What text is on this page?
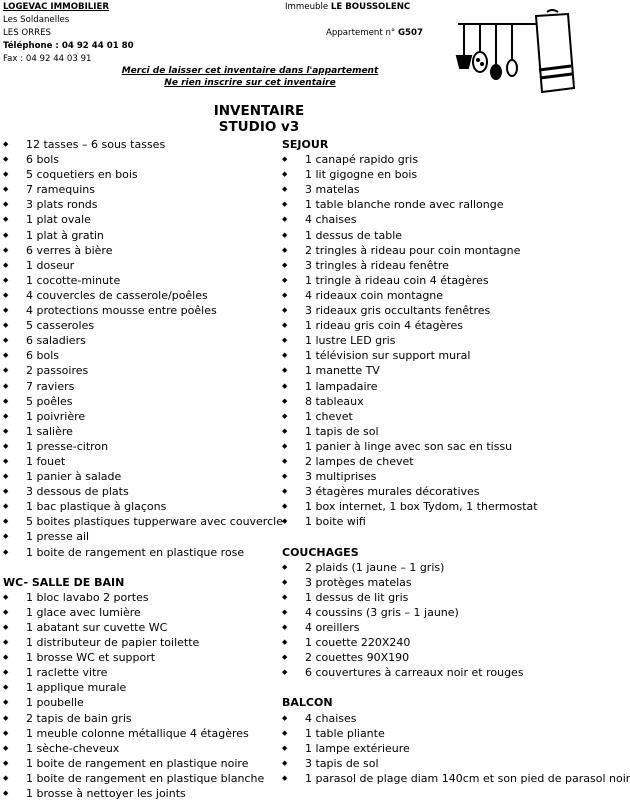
LOGEVAC IMMOBILIER
Les Soldanelles
LES ORRES
Téléphone : 04 92 44 01 80
Fax : 04 92 44 03 91
Immeuble LE BOUSSOLENC
Appartement n° G507
Merci de laisser cet inventaire dans l'appartement
Ne rien inscrire sur cet inventaire
INVENTAIRE
STUDIO v3
◆ 12 tasses – 6 sous tasses
◆ 6 bols
◆ 5 coquetiers en bois
◆ 7 ramequins
◆ 3 plats ronds
◆ 1 plat ovale
◆ 1 plat à gratin
◆ 6 verres à bière
◆ 1 doseur
◆ 1 cocotte-minute
◆ 4 couvercles de casserole/poêles
◆ 4 protections mousse entre poêles
◆ 5 casseroles
◆ 6 saladiers
◆ 6 bols
◆ 2 passoires
◆ 7 raviers
◆ 5 poêles
◆ 1 poivrière
◆ 1 salière
◆ 1 presse-citron
◆ 1 fouet
◆ 1 panier à salade
◆ 3 dessous de plats
◆ 1 bac plastique à glaçons
◆ 5 boites plastiques tupperware avec couvercle
◆ 1 presse ail
◆ 1 boite de rangement en plastique rose
WC- SALLE DE BAIN
◆ 1 bloc lavabo 2 portes
◆ 1 glace avec lumière
◆ 1 abatant sur cuvette WC
◆ 1 distributeur de papier toilette
◆ 1 brosse WC et support
◆ 1 raclette vitre
◆ 1 applique murale
◆ 1 poubelle
◆ 2 tapis de bain gris
◆ 1 meuble colonne métallique 4 étagères
◆ 1 sèche-cheveux
◆ 1 boite de rangement en plastique noire
◆ 1 boite de rangement en plastique blanche
◆ 1 brosse à nettoyer les joints
SEJOUR
◆ 1 canapé rapido gris
◆ 1 lit gigogne en bois
◆ 3 matelas
◆ 1 table blanche ronde avec rallonge
◆ 4 chaises
◆ 1 dessus de table
◆ 2 tringles à rideau pour coin montagne
◆ 3 tringles à rideau fenêtre
◆ 1 tringle à rideau coin 4 étagères
◆ 4 rideaux coin montagne
◆ 3 rideaux gris occultants fenêtres
◆ 1 rideau gris coin 4 étagères
◆ 1 lustre LED gris
◆ 1 télévision sur support mural
◆ 1 manette TV
◆ 1 lampadaire
◆ 8 tableaux
◆ 1 chevet
◆ 1 tapis de sol
◆ 1 panier à linge avec son sac en tissu
◆ 2 lampes de chevet
◆ 3 multiprises
◆ 3 étagères murales décoratives
◆ 1 box internet, 1 box Tydom, 1 thermostat
◆ 1 boite wifi
COUCHAGES
◆ 2 plaids (1 jaune – 1 gris)
◆ 3 protèges matelas
◆ 1 dessus de lit gris
◆ 4 coussins (3 gris – 1 jaune)
◆ 4 oreillers
◆ 1 couette 220X240
◆ 2 couettes 90X190
◆ 6 couvertures à carreaux noir et rouges
BALCON
◆ 4 chaises
◆ 1 table pliante
◆ 1 lampe extérieure
◆ 3 tapis de sol
◆ 1 parasol de plage diam 140cm et son pied de parasol noir
